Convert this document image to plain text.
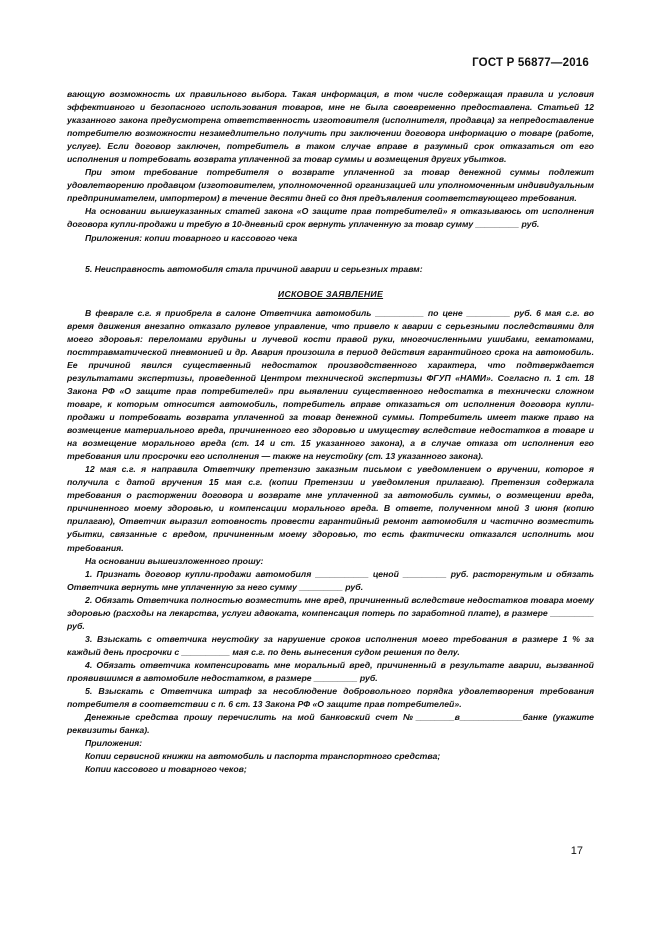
ГОСТ Р 56877—2016

вающую возможность их правильного выбора. Такая информация, в том числе содержащая правила и условия эффективного и безопасного использования товаров, мне не была своевременно предоставлена. Статьей 12 указанного закона предусмотрена ответственность изготовителя (исполнителя, продавца) за непредоставление потребителю возможности незамедлительно получить при заключении договора информацию о товаре (работе, услуге). Если договор заключен, потребитель в таком случае вправе в разумный срок отказаться от его исполнения и потребовать возврата уплаченной за товар суммы и возмещения других убытков.

При этом требование потребителя о возврате уплаченной за товар денежной суммы подлежит удовлетворению продавцом (изготовителем, уполномоченной организацией или уполномоченным индивидуальным предпринимателем, импортером) в течение десяти дней со дня предъявления соответствующего требования.

На основании вышеуказанных статей закона «О защите прав потребителей» я отказываюсь от исполнения договора купли-продажи и требую в 10-дневный срок вернуть уплаченную за товар сумму _________ руб.

Приложения: копии товарного и кассового чека

5. Неисправность автомобиля стала причиной аварии и серьезных травм:

ИСКОВОЕ ЗАЯВЛЕНИЕ

В феврале с.г. я приобрела в салоне Ответчика автомобиль __________ по цене _________ руб. 6 мая с.г. во время движения внезапно отказало рулевое управление, что привело к аварии с серьезными последствиями для моего здоровья: переломами грудины и лучевой кости правой руки, многочисленными ушибами, гематомами, посттравматической пневмонией и др. Авария произошла в период действия гарантийного срока на автомобиль. Ее причиной явился существенный недостаток производственного характера, что подтверждается результатами экспертизы, проведенной Центром технической экспертизы ФГУП «НАМИ». Согласно п. 1 ст. 18 Закона РФ «О защите прав потребителей» при выявлении существенного недостатка в технически сложном товаре, к которым относится автомобиль, потребитель вправе отказаться от исполнения договора купли-продажи и потребовать возврата уплаченной за товар денежной суммы. Потребитель имеет также право на возмещение материального вреда, причиненного его здоровью и имуществу вследствие недостатков в товаре и на возмещение морального вреда (ст. 14 и ст. 15 указанного закона), а в случае отказа от исполнения его требования или просрочки его исполнения — также на неустойку (ст. 13 указанного закона).

12 мая с.г. я направила Ответчику претензию заказным письмом с уведомлением о вручении, которое я получила с датой вручения 15 мая с.г. (копии Претензии и уведомления прилагаю). Претензия содержала требования о расторжении договора и возврате мне уплаченной за автомобиль суммы, о возмещении вреда, причиненного моему здоровью, и компенсации морального вреда. В ответе, полученном мной 3 июня (копию прилагаю), Ответчик выразил готовность провести гарантийный ремонт автомобиля и частично возместить убытки, связанные с вредом, причиненным моему здоровью, то есть фактически отказался исполнить мои требования.

На основании вышеизложенного прошу:

1. Признать договор купли-продажи автомобиля ___________ ценой _________ руб. расторгнутым и обязать Ответчика вернуть мне уплаченную за него сумму _________ руб.

2. Обязать Ответчика полностью возместить мне вред, причиненный вследствие недостатков товара моему здоровью (расходы на лекарства, услуги адвоката, компенсация потерь по заработной плате), в размере _________ руб.

3. Взыскать с ответчика неустойку за нарушение сроков исполнения моего требования в размере 1 % за каждый день просрочки с __________ мая с.г. по день вынесения судом решения по делу.

4. Обязать ответчика компенсировать мне моральный вред, причиненный в результате аварии, вызванной проявившимся в автомобиле недостатком, в размере _________ руб.

5. Взыскать с Ответчика штраф за несоблюдение добровольного порядка удовлетворения требования потребителя в соответствии с п. 6 ст. 13 Закона РФ «О защите прав потребителей».

Денежные средства прошу перечислить на мой банковский счет №________в_____________банке (укажите реквизиты банка).

Приложения:

Копии сервисной книжки на автомобиль и паспорта транспортного средства;

Копии кассового и товарного чеков;

17
